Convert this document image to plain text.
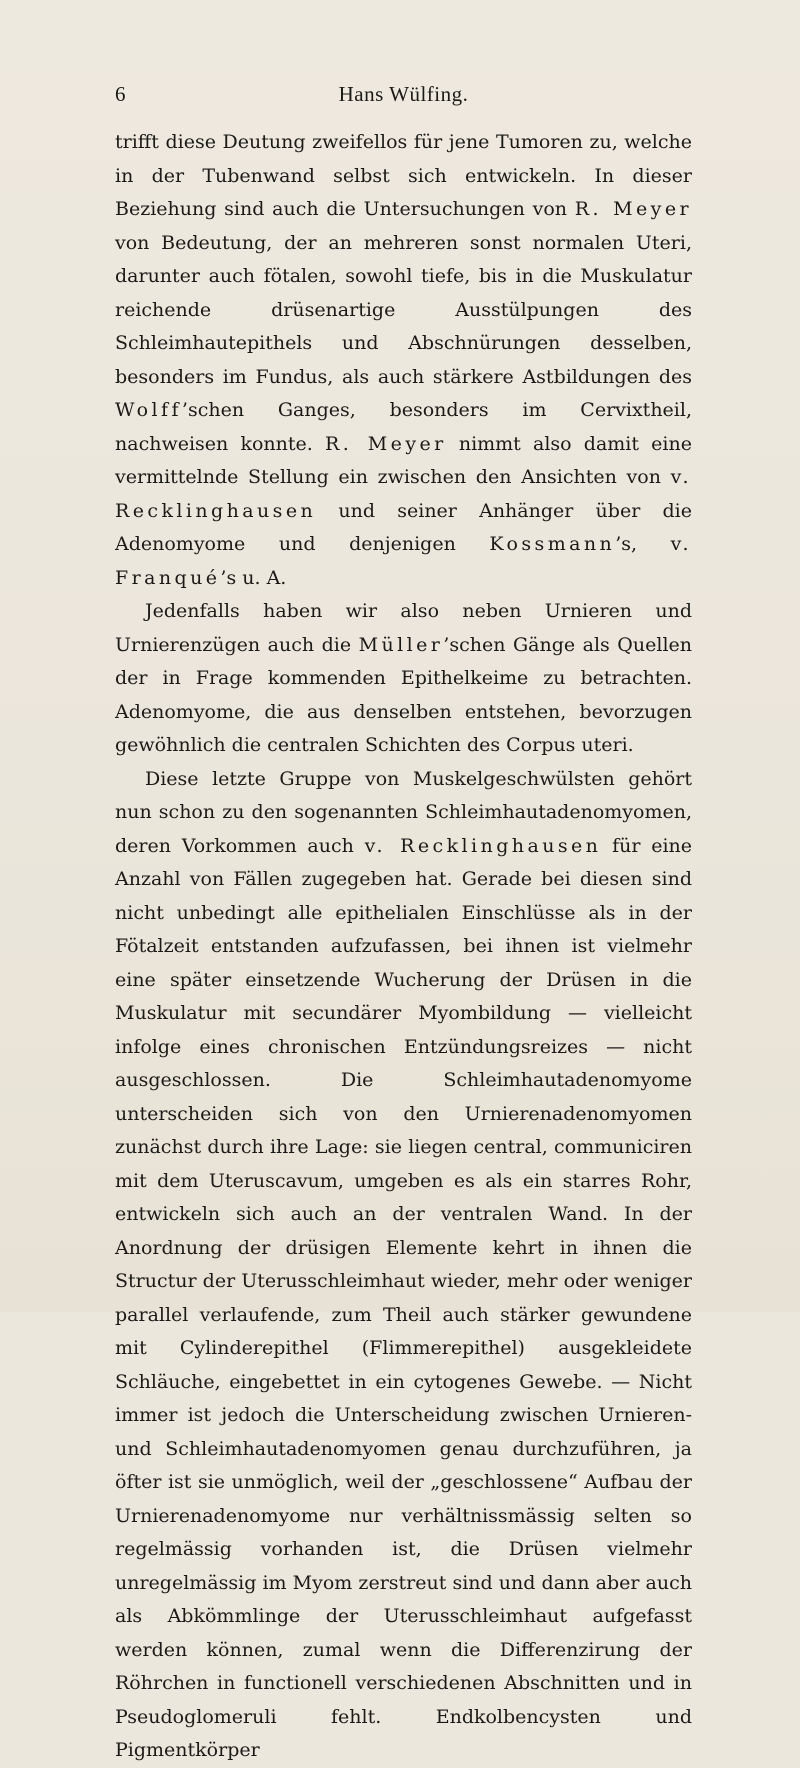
6	Hans Wülfing.

trifft diese Deutung zweifellos für jene Tumoren zu, welche in der Tubenwand selbst sich entwickeln. In dieser Beziehung sind auch die Untersuchungen von R. Meyer von Bedeutung, der an mehreren sonst normalen Uteri, darunter auch fötalen, sowohl tiefe, bis in die Muskulatur reichende drüsenartige Ausstülpungen des Schleimhautepithels und Abschnürungen desselben, besonders im Fundus, als auch stärkere Astbildungen des Wolff’schen Ganges, besonders im Cervixtheil, nachweisen konnte. R. Meyer nimmt also damit eine vermittelnde Stellung ein zwischen den Ansichten von v. Recklinghausen und seiner Anhänger über die Adenomyome und denjenigen Kossmann’s, v. Franqué’s u. A.

Jedenfalls haben wir also neben Urnieren und Urnierenzügen auch die Müller’schen Gänge als Quellen der in Frage kommenden Epithelkeime zu betrachten. Adenomyome, die aus denselben entstehen, bevorzugen gewöhnlich die centralen Schichten des Corpus uteri.

Diese letzte Gruppe von Muskelgeschwülsten gehört nun schon zu den sogenannten Schleimhautadenomyomen, deren Vorkommen auch v. Recklinghausen für eine Anzahl von Fällen zugegeben hat. Gerade bei diesen sind nicht unbedingt alle epithelialen Einschlüsse als in der Fötalzeit entstanden aufzufassen, bei ihnen ist vielmehr eine später einsetzende Wucherung der Drüsen in die Muskulatur mit secundärer Myombildung — vielleicht infolge eines chronischen Entzündungsreizes — nicht ausgeschlossen. Die Schleimhautadenomyome unterscheiden sich von den Urnierenadenomyomen zunächst durch ihre Lage: sie liegen central, communiciren mit dem Uteruscavum, umgeben es als ein starres Rohr, entwickeln sich auch an der ventralen Wand. In der Anordnung der drüsigen Elemente kehrt in ihnen die Structur der Uterusschleimhaut wieder, mehr oder weniger parallel verlaufende, zum Theil auch stärker gewundene mit Cylinderepithel (Flimmerepithel) ausgekleidete Schläuche, eingebettet in ein cytogenes Gewebe. — Nicht immer ist jedoch die Unterscheidung zwischen Urnieren- und Schleimhautadenomyomen genau durchzuführen, ja öfter ist sie unmöglich, weil der „geschlossene“ Aufbau der Urnierenadenomyome nur verhältnissmässig selten so regelmässig vorhanden ist, die Drüsen vielmehr unregelmässig im Myom zerstreut sind und dann aber auch als Abkömmlinge der Uterusschleimhaut aufgefasst werden können, zumal wenn die Differenzirung der Röhrchen in functionell verschiedenen Abschnitten und in Pseudoglomeruli fehlt. Endkolbencysten und Pigmentkörper
